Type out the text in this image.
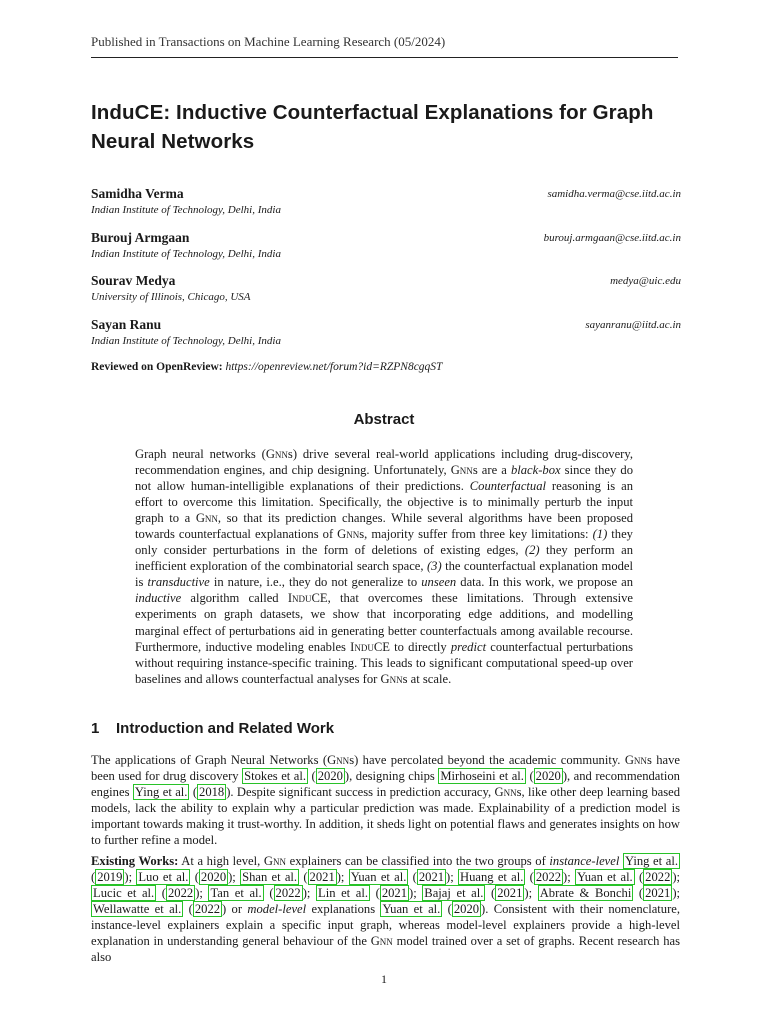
Published in Transactions on Machine Learning Research (05/2024)
InduCE: Inductive Counterfactual Explanations for Graph Neural Networks
Samidha Verma
Indian Institute of Technology, Delhi, India
samidha.verma@cse.iitd.ac.in
Burouj Armgaan
Indian Institute of Technology, Delhi, India
burouj.armgaan@cse.iitd.ac.in
Sourav Medya
University of Illinois, Chicago, USA
medya@uic.edu
Sayan Ranu
Indian Institute of Technology, Delhi, India
sayanranu@iitd.ac.in
Reviewed on OpenReview: https://openreview.net/forum?id=RZPN8cgqST
Abstract
Graph neural networks (Gnns) drive several real-world applications including drug-discovery, recommendation engines, and chip designing. Unfortunately, Gnns are a black-box since they do not allow human-intelligible explanations of their predictions. Counterfactual reasoning is an effort to overcome this limitation. Specifically, the objective is to minimally perturb the input graph to a Gnn, so that its prediction changes. While several algorithms have been proposed towards counterfactual explanations of Gnns, majority suffer from three key limitations: (1) they only consider perturbations in the form of deletions of existing edges, (2) they perform an inefficient exploration of the combinatorial search space, (3) the counterfactual explanation model is transductive in nature, i.e., they do not generalize to unseen data. In this work, we propose an inductive algorithm called InduCE, that overcomes these limitations. Through extensive experiments on graph datasets, we show that incorporating edge additions, and modelling marginal effect of perturbations aid in generating better counterfactuals among available recourse. Furthermore, inductive modeling enables InduCE to directly predict counterfactual perturbations without requiring instance-specific training. This leads to significant computational speed-up over baselines and allows counterfactual analyses for Gnns at scale.
1 Introduction and Related Work
The applications of Graph Neural Networks (Gnns) have percolated beyond the academic community. Gnns have been used for drug discovery Stokes et al. ( 2020 ), designing chips Mirhoseini et al. ( 2020 ), and recommendation engines Ying et al. ( 2018 ). Despite significant success in prediction accuracy, Gnns, like other deep learning based models, lack the ability to explain why a particular prediction was made. Explainability of a prediction model is important towards making it trust-worthy. In addition, it sheds light on potential flaws and generates insights on how to further refine a model.
Existing Works: At a high level, Gnn explainers can be classified into the two groups of instance-level Ying et al. ( 2019 ); Luo et al. ( 2020 ); Shan et al. ( 2021 ); Yuan et al. ( 2021 ); Huang et al. ( 2022 ); Yuan et al. ( 2022 ); Lucic et al. ( 2022 ); Tan et al. ( 2022 ); Lin et al. ( 2021 ); Bajaj et al. ( 2021 ); Abrate & Bonchi ( 2021 ); Wellawatte et al. ( 2022 ) or model-level explanations Yuan et al. ( 2020 ). Consistent with their nomenclature, instance-level explainers explain a specific input graph, whereas model-level explainers provide a high-level explanation in understanding general behaviour of the Gnn model trained over a set of graphs. Recent research has also
1
